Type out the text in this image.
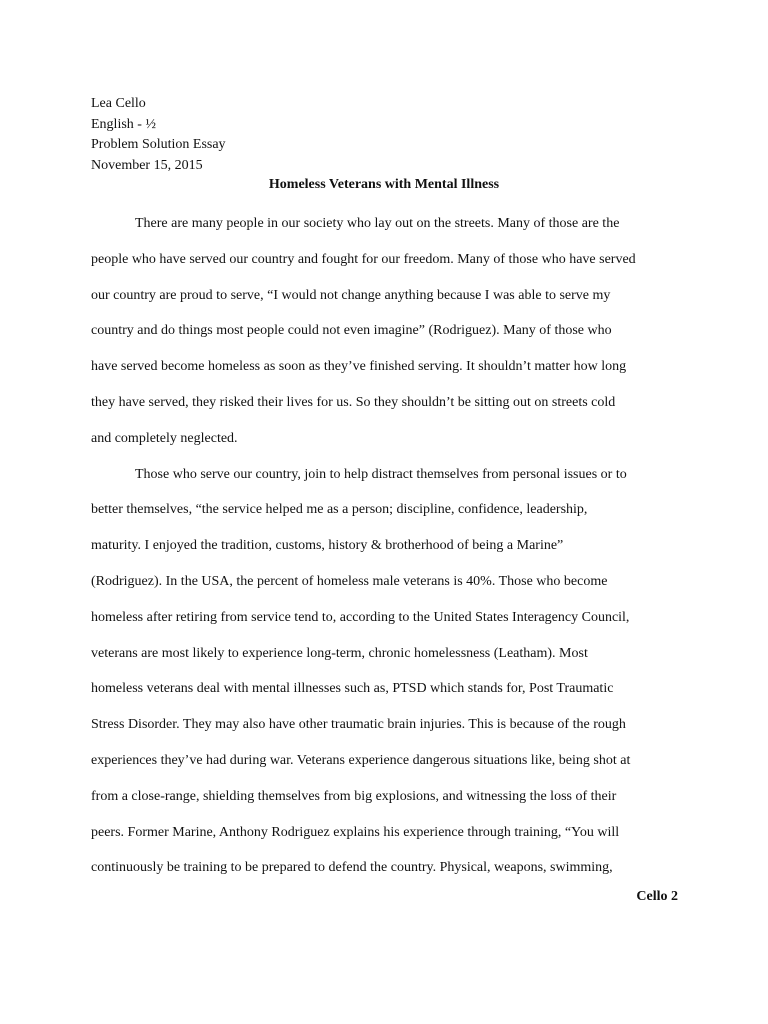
Lea Cello
English - ½
Problem Solution Essay
November 15, 2015
Homeless Veterans with Mental Illness
There are many people in our society who lay out on the streets. Many of those are the
people who have served our country and fought for our freedom. Many of those who have served
our country are proud to serve, “I would not change anything because I was able to serve my
country and do things most people could not even imagine” (Rodriguez). Many of those who
have served become homeless as soon as they’ve finished serving. It shouldn’t matter how long
they have served, they risked their lives for us. So they shouldn’t be sitting out on streets cold
and completely neglected.
Those who serve our country, join to help distract themselves from personal issues or to
better themselves, “the service helped me as a person; discipline, confidence, leadership,
maturity. I enjoyed the tradition, customs, history & brotherhood of being a Marine”
(Rodriguez). In the USA, the percent of homeless male veterans is 40%. Those who become
homeless after retiring from service tend to, according to the United States Interagency Council,
veterans are most likely to experience long-term, chronic homelessness (Leatham). Most
homeless veterans deal with mental illnesses such as, PTSD which stands for, Post Traumatic
Stress Disorder. They may also have other traumatic brain injuries. This is because of the rough
experiences they’ve had during war. Veterans experience dangerous situations like, being shot at
from a close-range, shielding themselves from big explosions, and witnessing the loss of their
peers. Former Marine, Anthony Rodriguez explains his experience through training, “You will
continuously be training to be prepared to defend the country. Physical, weapons, swimming,
Cello 2
